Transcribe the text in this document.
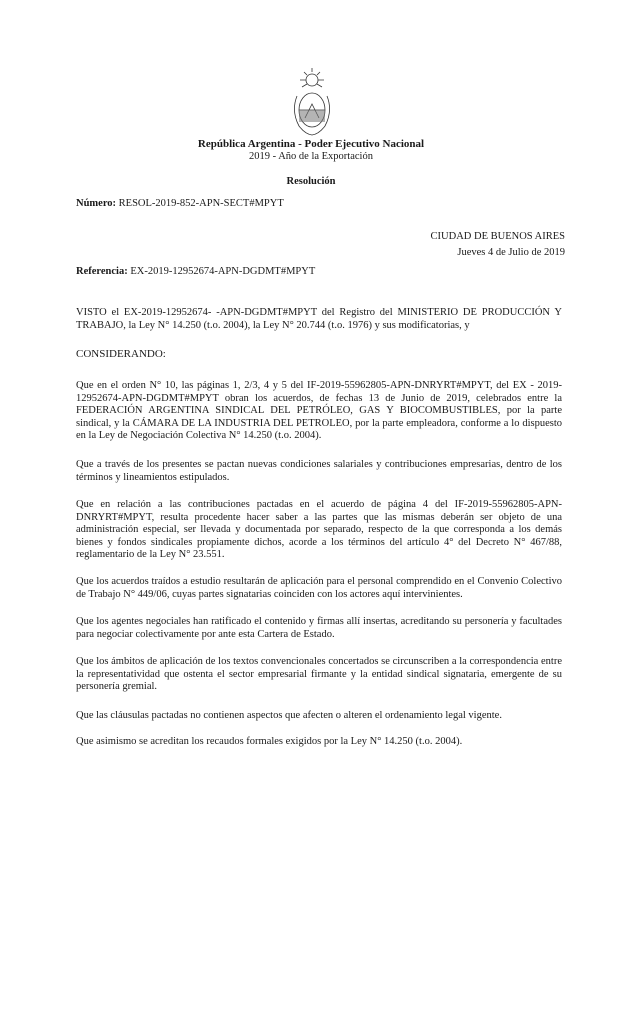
República Argentina - Poder Ejecutivo Nacional
2019 - Año de la Exportación
Resolución
Número: RESOL-2019-852-APN-SECT#MPYT
CIUDAD DE BUENOS AIRES
Jueves 4 de Julio de 2019
Referencia: EX-2019-12952674-APN-DGDMT#MPYT
VISTO el EX-2019-12952674- -APN-DGDMT#MPYT del Registro del MINISTERIO DE PRODUCCIÓN Y TRABAJO, la Ley N° 14.250 (t.o. 2004), la Ley N° 20.744 (t.o. 1976) y sus modificatorias, y
CONSIDERANDO:
Que en el orden N° 10, las páginas 1, 2/3, 4 y 5 del IF-2019-55962805-APN-DNRYRT#MPYT, del EX - 2019-12952674-APN-DGDMT#MPYT obran los acuerdos, de fechas 13 de Junio de 2019, celebrados entre la FEDERACIÓN ARGENTINA SINDICAL DEL PETRÓLEO, GAS Y BIOCOMBUSTIBLES, por la parte sindical, y la CÁMARA DE LA INDUSTRIA DEL PETROLEO, por la parte empleadora, conforme a lo dispuesto en la Ley de Negociación Colectiva N° 14.250 (t.o. 2004).
Que a través de los presentes se pactan nuevas condiciones salariales y contribuciones empresarias, dentro de los términos y lineamientos estipulados.
Que en relación a las contribuciones pactadas en el acuerdo de página 4 del IF-2019-55962805-APN-DNRYRT#MPYT, resulta procedente hacer saber a las partes que las mismas deberán ser objeto de una administración especial, ser llevada y documentada por separado, respecto de la que corresponda a los demás bienes y fondos sindicales propiamente dichos, acorde a los términos del artículo 4° del Decreto N° 467/88, reglamentario de la Ley N° 23.551.
Que los acuerdos traídos a estudio resultarán de aplicación para el personal comprendido en el Convenio Colectivo de Trabajo N° 449/06, cuyas partes signatarias coinciden con los actores aquí intervinientes.
Que los agentes negociales han ratificado el contenido y firmas allí insertas, acreditando su personería y facultades para negociar colectivamente por ante esta Cartera de Estado.
Que los ámbitos de aplicación de los textos convencionales concertados se circunscriben a la correspondencia entre la representatividad que ostenta el sector empresarial firmante y la entidad sindical signataria, emergente de su personería gremial.
Que las cláusulas pactadas no contienen aspectos que afecten o alteren el ordenamiento legal vigente.
Que asimismo se acreditan los recaudos formales exigidos por la Ley N° 14.250 (t.o. 2004).
